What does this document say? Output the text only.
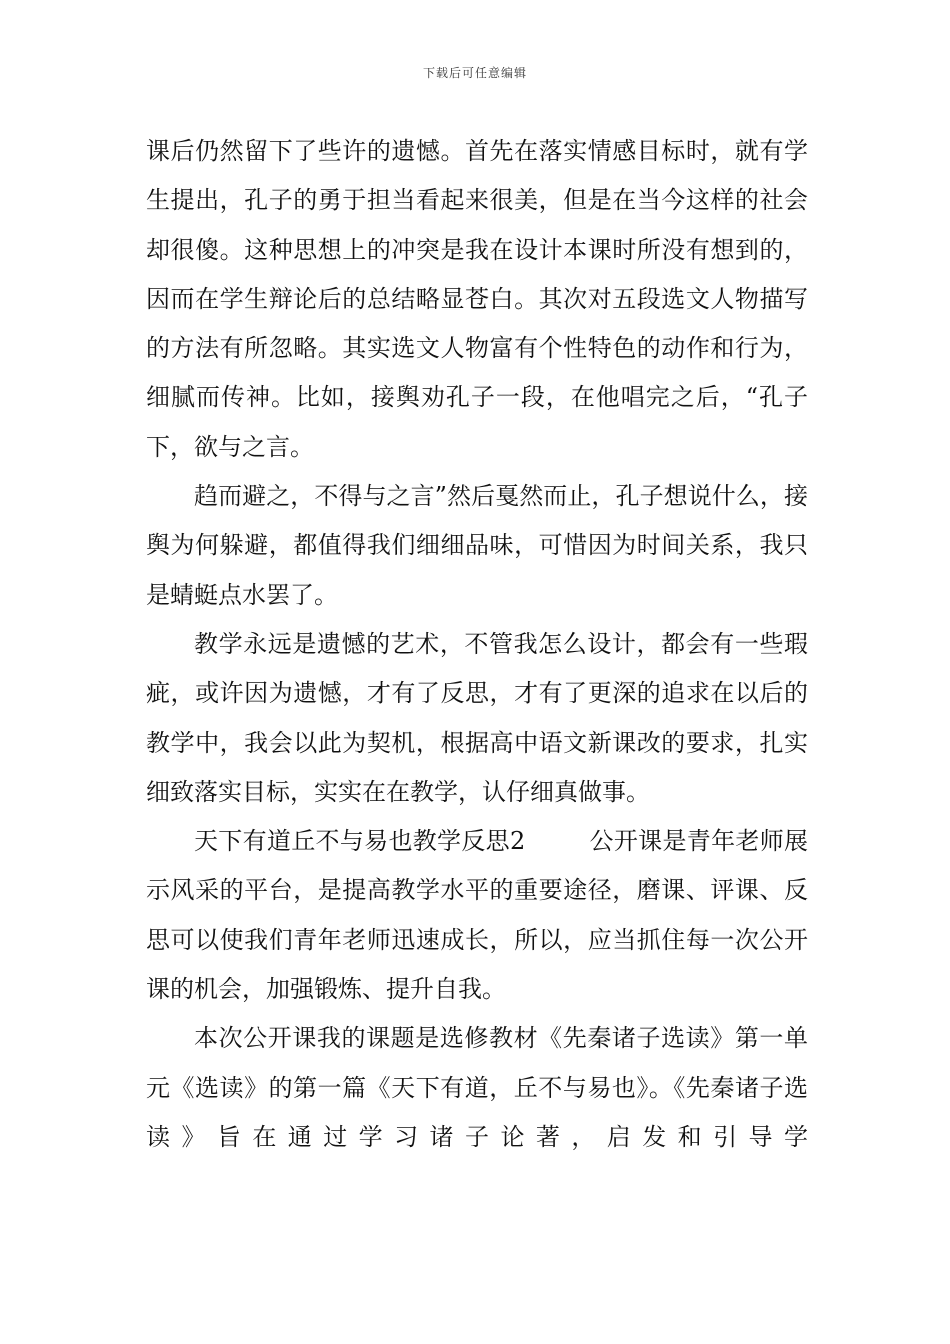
下载后可任意编辑

课后仍然留下了些许的遗憾。首先在落实情感目标时，就有学生提出，孔子的勇于担当看起来很美，但是在当今这样的社会却很傻。这种思想上的冲突是我在设计本课时所没有想到的，因而在学生辩论后的总结略显苍白。其次对五段选文人物描写的方法有所忽略。其实选文人物富有个性特色的动作和行为，细腻而传神。比如，接舆劝孔子一段，在他唱完之后，“孔子下，欲与之言。

趋而避之，不得与之言”然后戛然而止，孔子想说什么，接舆为何躲避，都值得我们细细品味，可惜因为时间关系，我只是蜻蜓点水罢了。

教学永远是遗憾的艺术，不管我怎么设计，都会有一些瑕疵，或许因为遗憾，才有了反思，才有了更深的追求在以后的教学中，我会以此为契机，根据高中语文新课改的要求，扎实细致落实目标，实实在在教学，认仔细真做事。

天下有道丘不与易也教学反思2	公开课是青年老师展示风采的平台，是提高教学水平的重要途径，磨课、评课、反思可以使我们青年老师迅速成长，所以，应当抓住每一次公开课的机会，加强锻炼、提升自我。

本次公开课我的课题是选修教材《先秦诸子选读》第一单元《选读》的第一篇《天下有道，丘不与易也》。《先秦诸子选读》旨在通过学习诸子论著，启发和引导学
